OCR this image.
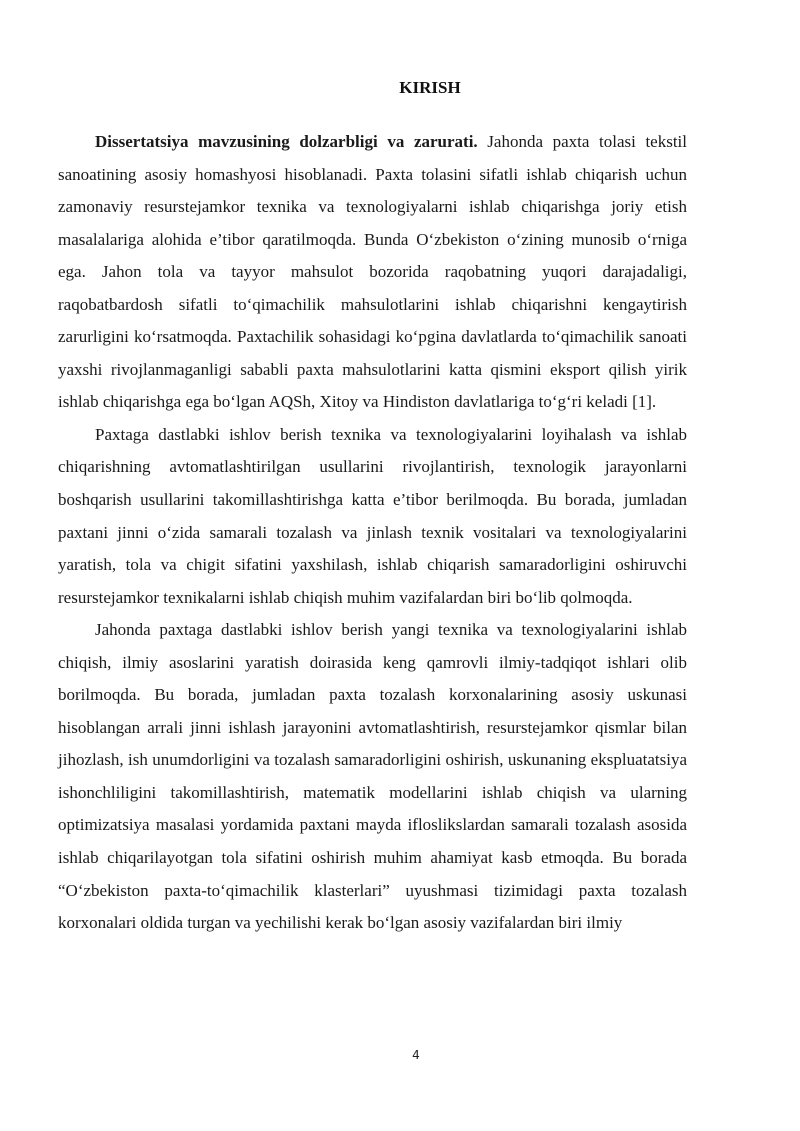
KIRISH

Dissertatsiya mavzusining dolzarbligi va zarurati. Jahonda paxta tolasi tekstil sanoatining asosiy homashyosi hisoblanadi. Paxta tolasini sifatli ishlab chiqarish uchun zamonaviy resurstejamkor texnika va texnologiyalarni ishlab chiqarishga joriy etish masalalariga alohida e’tibor qaratilmoqda. Bunda O‘zbekiston o‘zining munosib o‘rniga ega. Jahon tola va tayyor mahsulot bozorida raqobatning yuqori darajadaligi, raqobatbardosh sifatli to‘qimachilik mahsulotlarini ishlab chiqarishni kengaytirish zarurligini ko‘rsatmoqda. Paxtachilik sohasidagi ko‘pgina davlatlarda to‘qimachilik sanoati yaxshi rivojlanmaganligi sababli paxta mahsulotlarini katta qismini eksport qilish yirik ishlab chiqarishga ega bo‘lgan AQSh, Xitoy va Hindiston davlatlariga to‘g‘ri keladi [1].

Paxtaga dastlabki ishlov berish texnika va texnologiyalarini loyihalash va ishlab chiqarishning avtomatlashtirilgan usullarini rivojlantirish, texnologik jarayonlarni boshqarish usullarini takomillashtirishga katta e’tibor berilmoqda. Bu borada, jumladan paxtani jinni o‘zida samarali tozalash va jinlash texnik vositalari va texnologiyalarini yaratish, tola va chigit sifatini yaxshilash, ishlab chiqarish samaradorligini oshiruvchi resurstejamkor texnikalarni ishlab chiqish muhim vazifalardan biri bo‘lib qolmoqda.

Jahonda paxtaga dastlabki ishlov berish yangi texnika va texnologiyalarini ishlab chiqish, ilmiy asoslarini yaratish doirasida keng qamrovli ilmiy-tadqiqot ishlari olib borilmoqda. Bu borada, jumladan paxta tozalash korxonalarining asosiy uskunasi hisoblangan arrali jinni ishlash jarayonini avtomatlashtirish, resurstejamkor qismlar bilan jihozlash, ish unumdorligini va tozalash samaradorligini oshirish, uskunaning ekspluatatsiya ishonchliligini takomillashtirish, matematik modellarini ishlab chiqish va ularning optimizatsiya masalasi yordamida paxtani mayda ifloslikslardan samarali tozalash asosida ishlab chiqarilayotgan tola sifatini oshirish muhim ahamiyat kasb etmoqda. Bu borada “O‘zbekiston paxta-to‘qimachilik klasterlari” uyushmasi tizimidagi paxta tozalash korxonalari oldida turgan va yechilishi kerak bo‘lgan asosiy vazifalardan biri ilmiy

4
